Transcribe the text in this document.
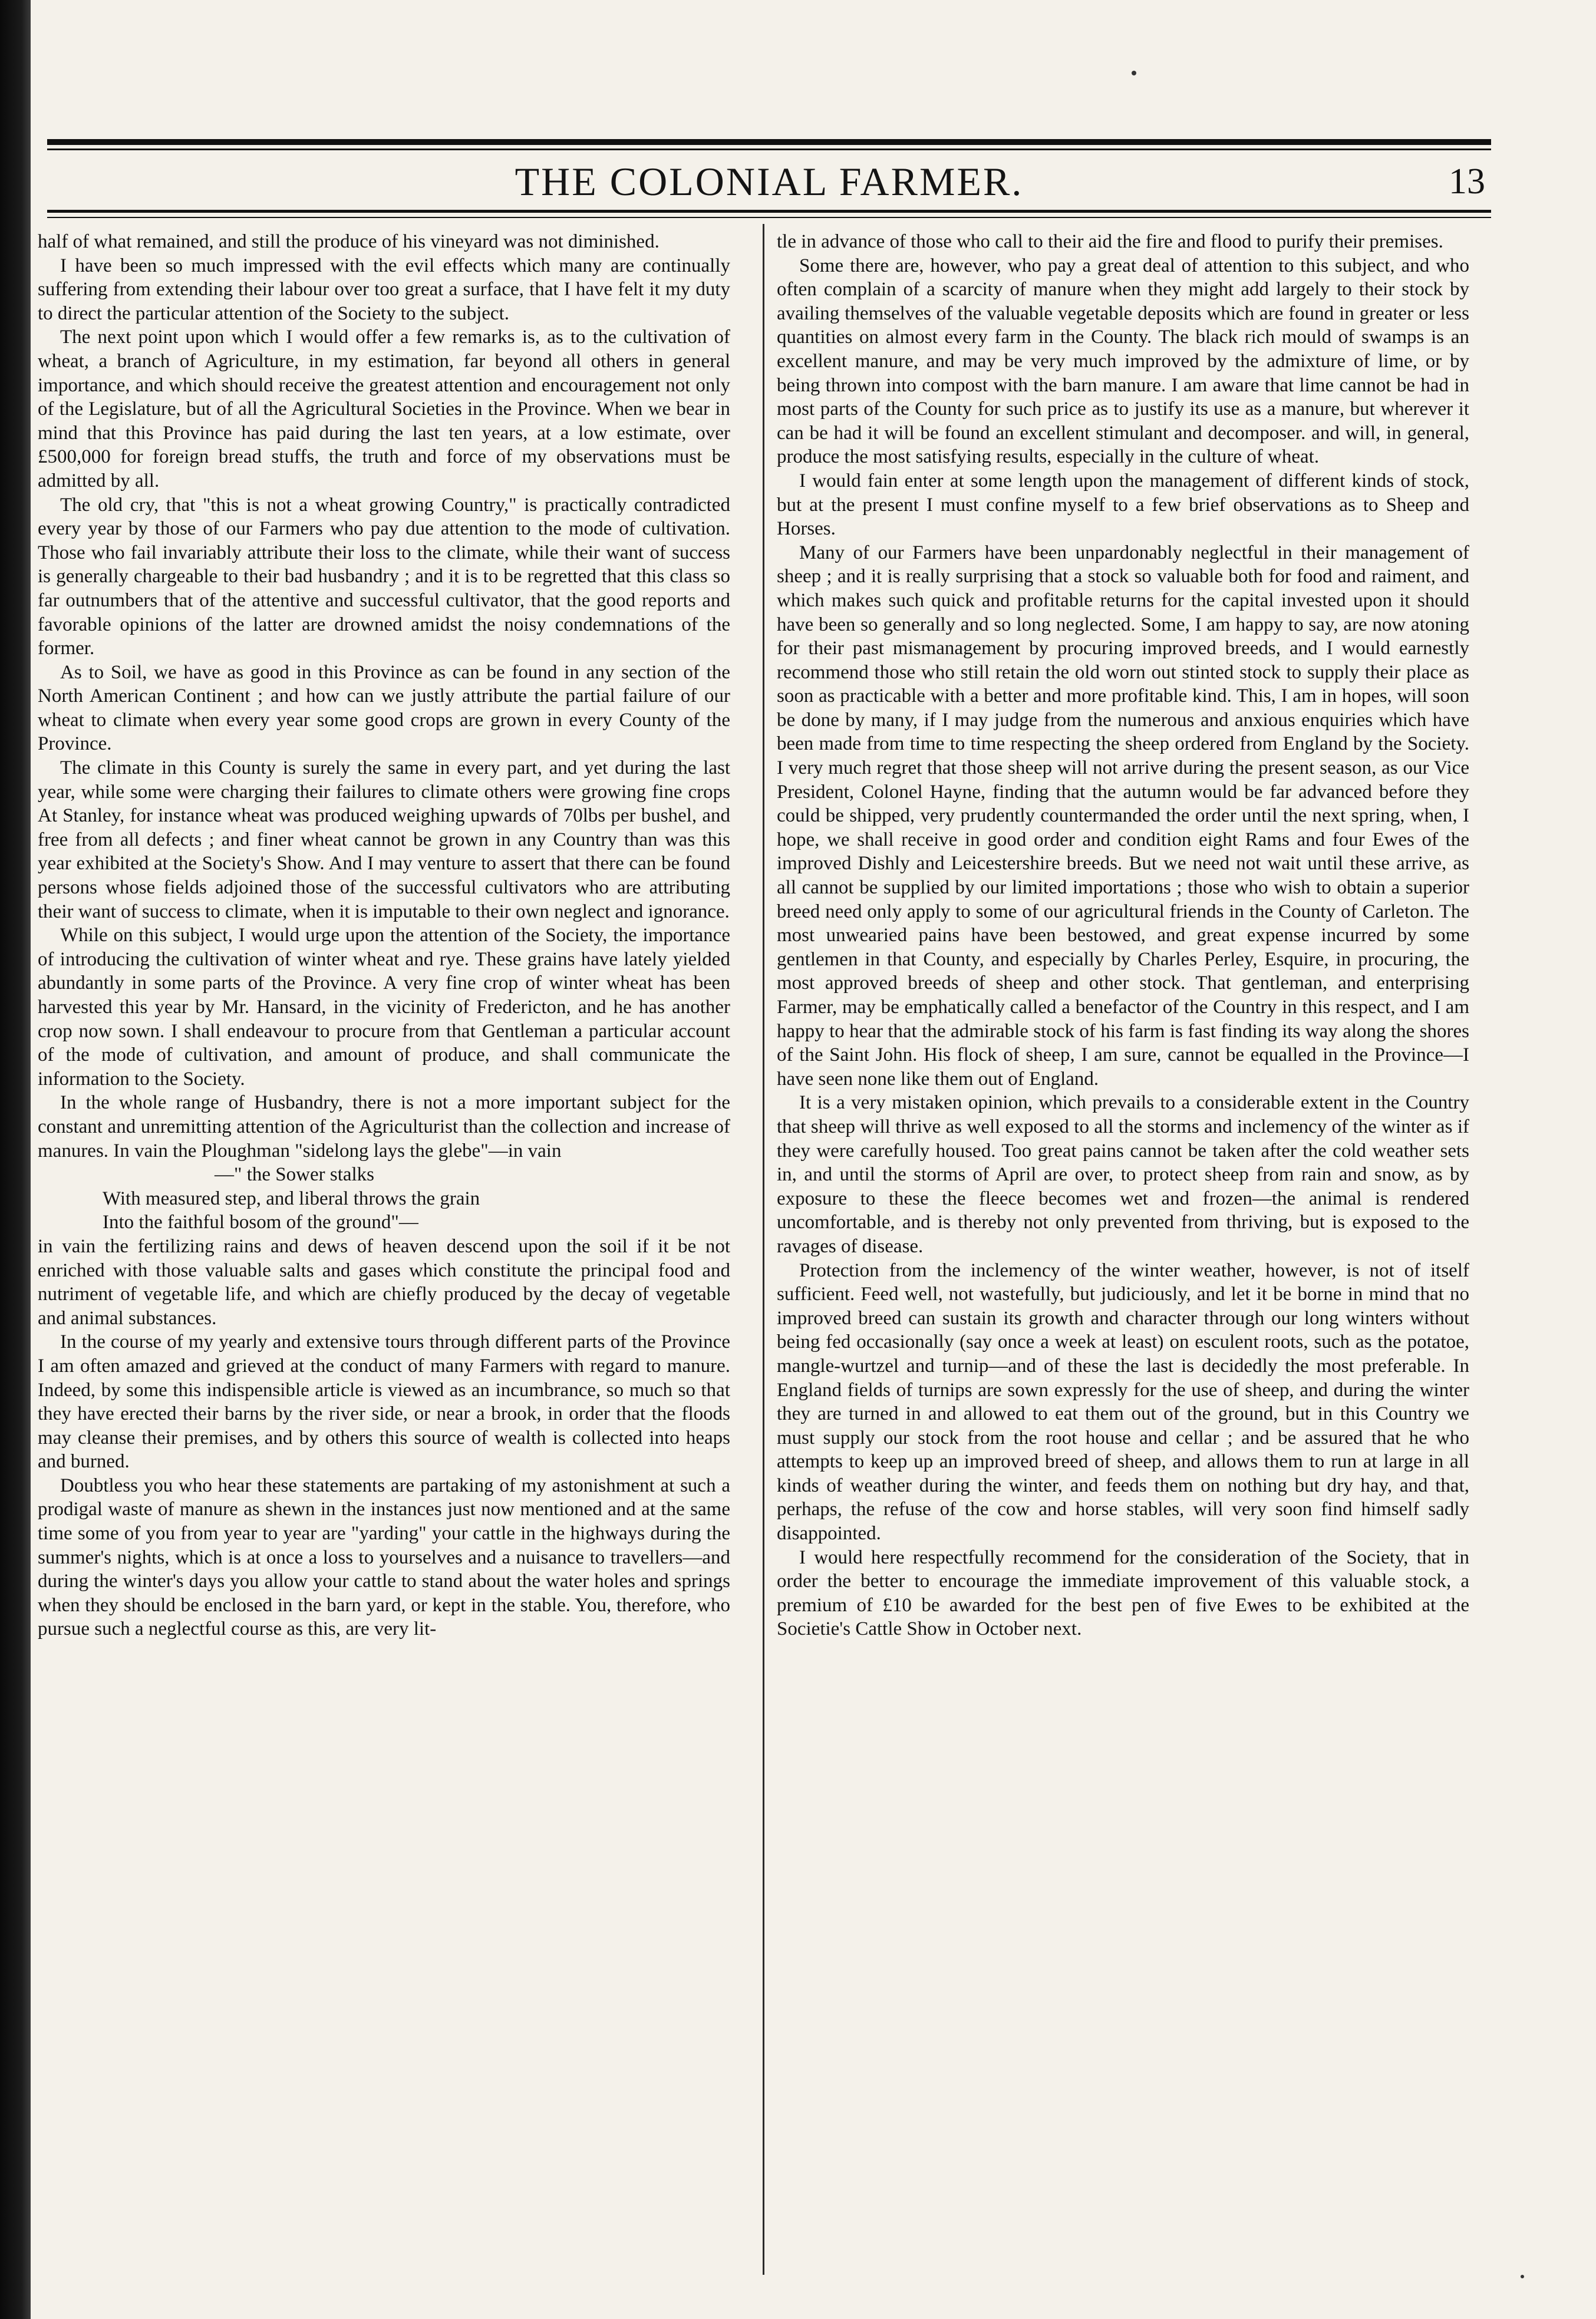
THE COLONIAL FARMER.	13

half of what remained, and still the produce of his vineyard was not diminished.

I have been so much impressed with the evil effects which many are continually suffering from extending their labour over too great a surface, that I have felt it my duty to direct the particular attention of the Society to the subject.

The next point upon which I would offer a few remarks is, as to the cultivation of wheat, a branch of Agriculture, in my estimation, far beyond all others in general importance, and which should receive the greatest attention and encouragement not only of the Legislature, but of all the Agricultural Societies in the Province. When we bear in mind that this Province has paid during the last ten years, at a low estimate, over £500,000 for foreign bread stuffs, the truth and force of my observations must be admitted by all.

The old cry, that "this is not a wheat growing Country," is practically contradicted every year by those of our Farmers who pay due attention to the mode of cultivation. Those who fail invariably attribute their loss to the climate, while their want of success is generally chargeable to their bad husbandry ; and it is to be regretted that this class so far outnumbers that of the attentive and successful cultivator, that the good reports and favorable opinions of the latter are drowned amidst the noisy condemnations of the former.

As to Soil, we have as good in this Province as can be found in any section of the North American Continent ; and how can we justly attribute the partial failure of our wheat to climate when every year some good crops are grown in every County of the Province.

The climate in this County is surely the same in every part, and yet during the last year, while some were charging their failures to climate others were growing fine crops At Stanley, for instance wheat was produced weighing upwards of 70lbs per bushel, and free from all defects ; and finer wheat cannot be grown in any Country than was this year exhibited at the Society's Show. And I may venture to assert that there can be found persons whose fields adjoined those of the successful cultivators who are attributing their want of success to climate, when it is imputable to their own neglect and ignorance.

While on this subject, I would urge upon the attention of the Society, the importance of introducing the cultivation of winter wheat and rye. These grains have lately yielded abundantly in some parts of the Province. A very fine crop of winter wheat has been harvested this year by Mr. Hansard, in the vicinity of Fredericton, and he has another crop now sown. I shall endeavour to procure from that Gentleman a particular account of the mode of cultivation, and amount of produce, and shall communicate the information to the Society.

In the whole range of Husbandry, there is not a more important subject for the constant and unremitting attention of the Agriculturist than the collection and increase of manures. In vain the Ploughman "sidelong lays the glebe"—in vain

—" the Sower stalks
With measured step, and liberal throws the grain
Into the faithful bosom of the ground"—

in vain the fertilizing rains and dews of heaven descend upon the soil if it be not enriched with those valuable salts and gases which constitute the principal food and nutriment of vegetable life, and which are chiefly produced by the decay of vegetable and animal substances.

In the course of my yearly and extensive tours through different parts of the Province I am often amazed and grieved at the conduct of many Farmers with regard to manure. Indeed, by some this indispensible article is viewed as an incumbrance, so much so that they have erected their barns by the river side, or near a brook, in order that the floods may cleanse their premises, and by others this source of wealth is collected into heaps and burned.

Doubtless you who hear these statements are partaking of my astonishment at such a prodigal waste of manure as shewn in the instances just now mentioned and at the same time some of you from year to year are "yarding" your cattle in the highways during the summer's nights, which is at once a loss to yourselves and a nuisance to travellers—and during the winter's days you allow your cattle to stand about the water holes and springs when they should be enclosed in the barn yard, or kept in the stable. You, therefore, who pursue such a neglectful course as this, are very lit-

tle in advance of those who call to their aid the fire and flood to purify their premises.

Some there are, however, who pay a great deal of attention to this subject, and who often complain of a scarcity of manure when they might add largely to their stock by availing themselves of the valuable vegetable deposits which are found in greater or less quantities on almost every farm in the County. The black rich mould of swamps is an excellent manure, and may be very much improved by the admixture of lime, or by being thrown into compost with the barn manure. I am aware that lime cannot be had in most parts of the County for such price as to justify its use as a manure, but wherever it can be had it will be found an excellent stimulant and decomposer. and will, in general, produce the most satisfying results, especially in the culture of wheat.

I would fain enter at some length upon the management of different kinds of stock, but at the present I must confine myself to a few brief observations as to Sheep and Horses.

Many of our Farmers have been unpardonably neglectful in their management of sheep ; and it is really surprising that a stock so valuable both for food and raiment, and which makes such quick and profitable returns for the capital invested upon it should have been so generally and so long neglected. Some, I am happy to say, are now atoning for their past mismanagement by procuring improved breeds, and I would earnestly recommend those who still retain the old worn out stinted stock to supply their place as soon as practicable with a better and more profitable kind. This, I am in hopes, will soon be done by many, if I may judge from the numerous and anxious enquiries which have been made from time to time respecting the sheep ordered from England by the Society. I very much regret that those sheep will not arrive during the present season, as our Vice President, Colonel Hayne, finding that the autumn would be far advanced before they could be shipped, very prudently countermanded the order until the next spring, when, I hope, we shall receive in good order and condition eight Rams and four Ewes of the improved Dishly and Leicestershire breeds. But we need not wait until these arrive, as all cannot be supplied by our limited importations ; those who wish to obtain a superior breed need only apply to some of our agricultural friends in the County of Carleton. The most unwearied pains have been bestowed, and great expense incurred by some gentlemen in that County, and especially by Charles Perley, Esquire, in procuring, the most approved breeds of sheep and other stock. That gentleman, and enterprising Farmer, may be emphatically called a benefactor of the Country in this respect, and I am happy to hear that the admirable stock of his farm is fast finding its way along the shores of the Saint John. His flock of sheep, I am sure, cannot be equalled in the Province—I have seen none like them out of England.

It is a very mistaken opinion, which prevails to a considerable extent in the Country that sheep will thrive as well exposed to all the storms and inclemency of the winter as if they were carefully housed. Too great pains cannot be taken after the cold weather sets in, and until the storms of April are over, to protect sheep from rain and snow, as by exposure to these the fleece becomes wet and frozen—the animal is rendered uncomfortable, and is thereby not only prevented from thriving, but is exposed to the ravages of disease.

Protection from the inclemency of the winter weather, however, is not of itself sufficient. Feed well, not wastefully, but judiciously, and let it be borne in mind that no improved breed can sustain its growth and character through our long winters without being fed occasionally (say once a week at least) on esculent roots, such as the potatoe, mangle-wurtzel and turnip—and of these the last is decidedly the most preferable. In England fields of turnips are sown expressly for the use of sheep, and during the winter they are turned in and allowed to eat them out of the ground, but in this Country we must supply our stock from the root house and cellar ; and be assured that he who attempts to keep up an improved breed of sheep, and allows them to run at large in all kinds of weather during the winter, and feeds them on nothing but dry hay, and that, perhaps, the refuse of the cow and horse stables, will very soon find himself sadly disappointed.

I would here respectfully recommend for the consideration of the Society, that in order the better to encourage the immediate improvement of this valuable stock, a premium of £10 be awarded for the best pen of five Ewes to be exhibited at the Societie's Cattle Show in October next.
